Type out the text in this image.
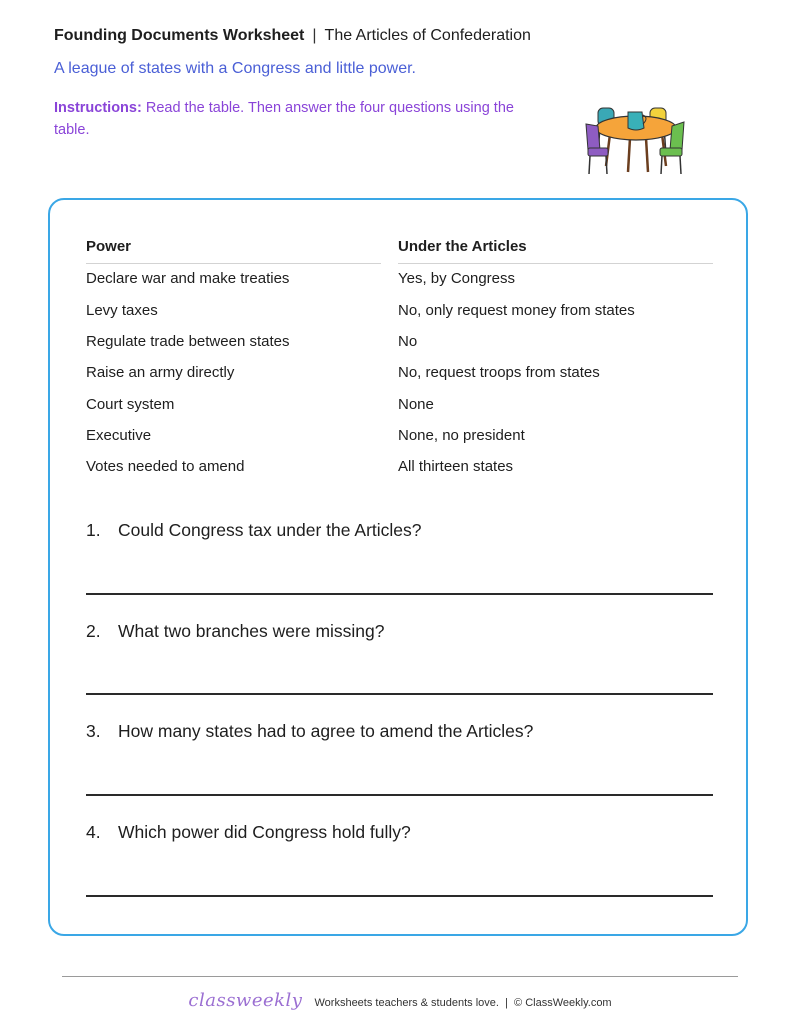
Founding Documents Worksheet | The Articles of Confederation
A league of states with a Congress and little power.
Instructions: Read the table. Then answer the four questions using the table.
Power	Under the Articles
Declare war and make treaties	Yes, by Congress
Levy taxes	No, only request money from states
Regulate trade between states	No
Raise an army directly	No, request troops from states
Court system	None
Executive	None, no president
Votes needed to amend	All thirteen states
1. Could Congress tax under the Articles?
2. What two branches were missing?
3. How many states had to agree to amend the Articles?
4. Which power did Congress hold fully?
classweekly Worksheets teachers & students love. | © ClassWeekly.com
